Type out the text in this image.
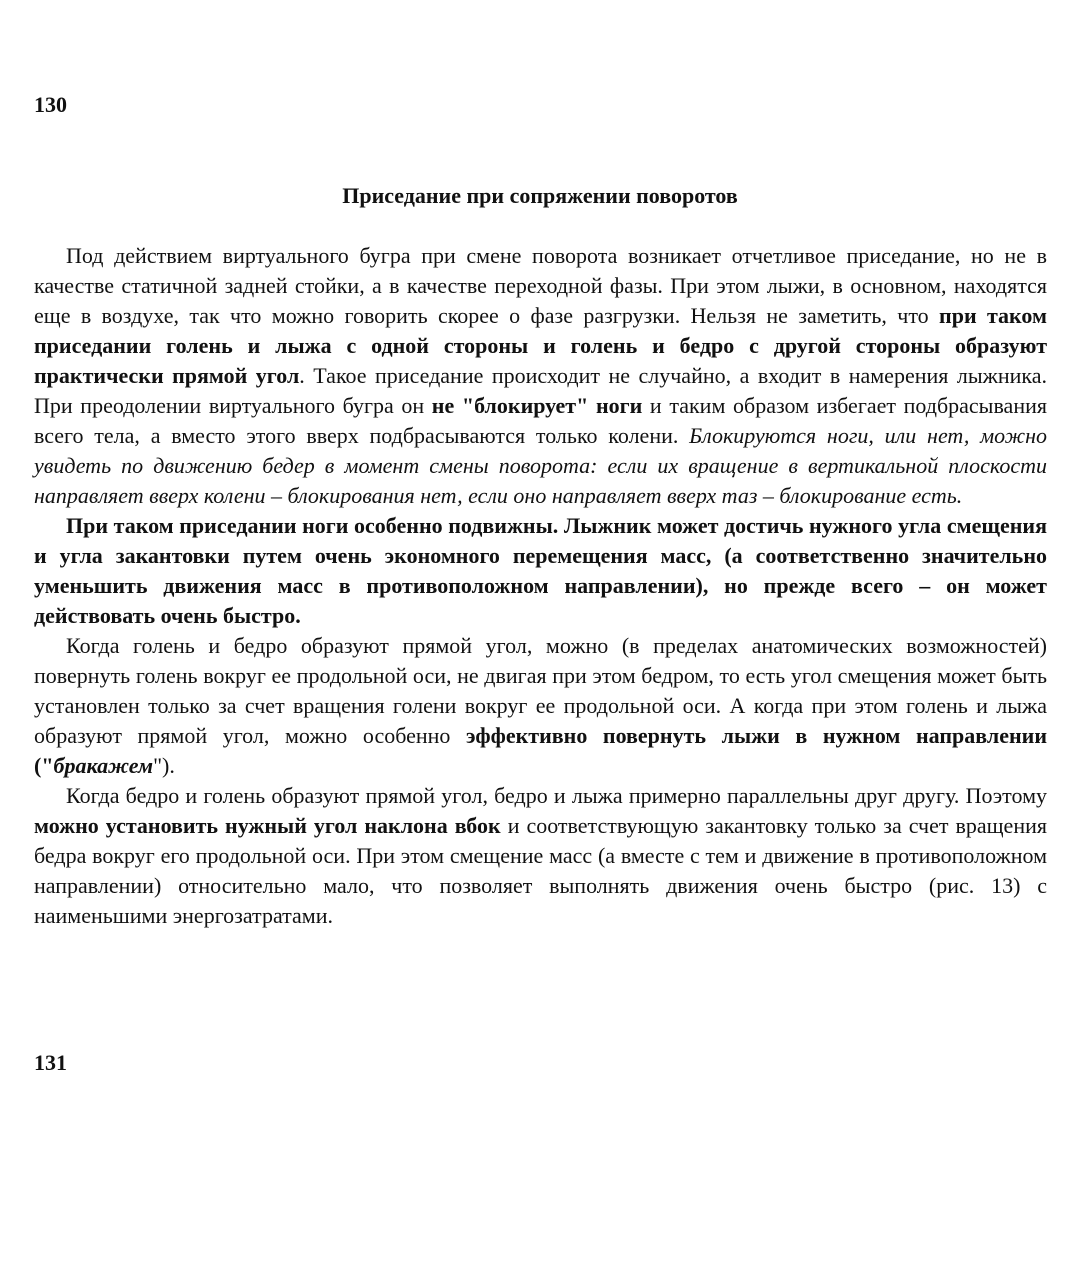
130
Приседание при сопряжении поворотов

Под действием виртуального бугра при смене поворота возникает отчетливое приседание, но не в качестве статичной задней стойки, а в качестве переходной фазы. При этом лыжи, в основном, находятся еще в воздухе, так что можно говорить скорее о фазе разгрузки. Нельзя не заметить, что при таком приседании голень и лыжа с одной стороны и голень и бедро с другой стороны образуют практически прямой угол. Такое приседание происходит не случайно, а входит в намерения лыжника. При преодолении виртуального бугра он не "блокирует" ноги и таким образом избегает подбрасывания всего тела, а вместо этого вверх подбрасываются только колени. Блокируются ноги, или нет, можно увидеть по движению бедер в момент смены поворота: если их вращение в вертикальной плоскости направляет вверх колени – блокирования нет, если оно направляет вверх таз – блокирование есть.

При таком приседании ноги особенно подвижны. Лыжник может достичь нужного угла смещения и угла закантовки путем очень экономного перемещения масс, (а соответственно значительно уменьшить движения масс в противоположном направлении), но прежде всего – он может действовать очень быстро.

Когда голень и бедро образуют прямой угол, можно (в пределах анатомических возможностей) повернуть голень вокруг ее продольной оси, не двигая при этом бедром, то есть угол смещения может быть установлен только за счет вращения голени вокруг ее продольной оси. А когда при этом голень и лыжа образуют прямой угол, можно особенно эффективно повернуть лыжи в нужном направлении ("бракажем").

Когда бедро и голень образуют прямой угол, бедро и лыжа примерно параллельны друг другу. Поэтому можно установить нужный угол наклона вбок и соответствующую закантовку только за счет вращения бедра вокруг его продольной оси. При этом смещение масс (а вместе с тем и движение в противоположном направлении) относительно мало, что позволяет выполнять движения очень быстро (рис. 13) с наименьшими энергозатратами.

131
